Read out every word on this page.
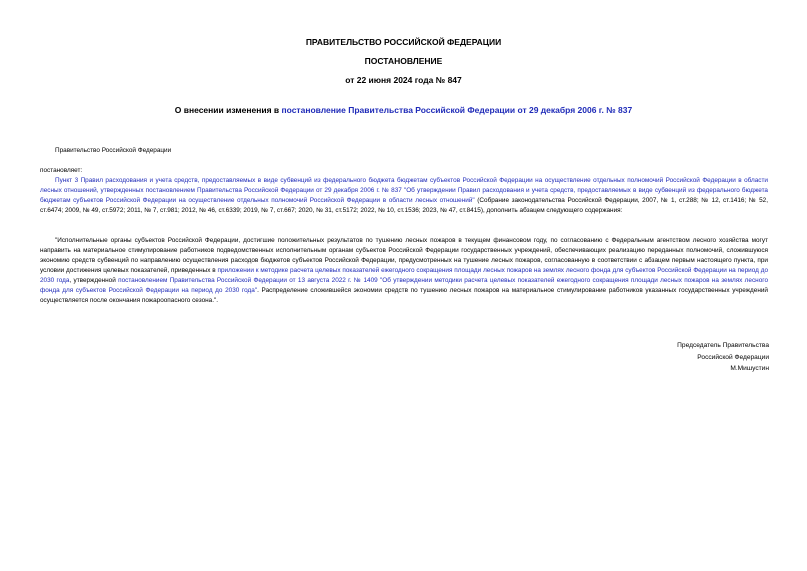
ПРАВИТЕЛЬСТВО РОССИЙСКОЙ ФЕДЕРАЦИИ
ПОСТАНОВЛЕНИЕ
от 22 июня 2024 года № 847
О внесении изменения в постановление Правительства Российской Федерации от 29 декабря 2006 г. № 837
Правительство Российской Федерации
постановляет:
Пункт 3 Правил расходования и учета средств, предоставляемых в виде субвенций из федерального бюджета бюджетам субъектов Российской Федерации на осуществление отдельных полномочий Российской Федерации в области лесных отношений, утвержденных постановлением Правительства Российской Федерации от 29 декабря 2006 г. № 837 "Об утверждении Правил расходования и учета средств, предоставляемых в виде субвенций из федерального бюджета бюджетам субъектов Российской Федерации на осуществление отдельных полномочий Российской Федерации в области лесных отношений" (Собрание законодательства Российской Федерации, 2007, № 1, ст.288; № 12, ст.1416; № 52, ст.6474; 2009, № 49, ст.5972; 2011, № 7, ст.981; 2012, № 46, ст.6339; 2019, № 7, ст.667; 2020, № 31, ст.5172; 2022, № 10, ст.1536; 2023, № 47, ст.8415), дополнить абзацем следующего содержания:
"Исполнительные органы субъектов Российской Федерации, достигшие положительных результатов по тушению лесных пожаров в текущем финансовом году, по согласованию с Федеральным агентством лесного хозяйства могут направить на материальное стимулирование работников подведомственных исполнительным органам субъектов Российской Федерации государственных учреждений, обеспечивающих реализацию переданных полномочий, сложившуюся экономию средств субвенций по направлению осуществления расходов бюджетов субъектов Российской Федерации, предусмотренных на тушение лесных пожаров, согласованную в соответствии с абзацем первым настоящего пункта, при условии достижения целевых показателей, приведенных в приложении к методике расчета целевых показателей ежегодного сокращения площади лесных пожаров на землях лесного фонда для субъектов Российской Федерации на период до 2030 года, утвержденной постановлением Правительства Российской Федерации от 13 августа 2022 г. № 1409 "Об утверждении методики расчета целевых показателей ежегодного сокращения площади лесных пожаров на землях лесного фонда для субъектов Российской Федерации на период до 2030 года". Распределение сложившейся экономии средств по тушению лесных пожаров на материальное стимулирование работников указанных государственных учреждений осуществляется после окончания пожароопасного сезона.".
Председатель Правительства
Российской Федерации
М.Мишустин
